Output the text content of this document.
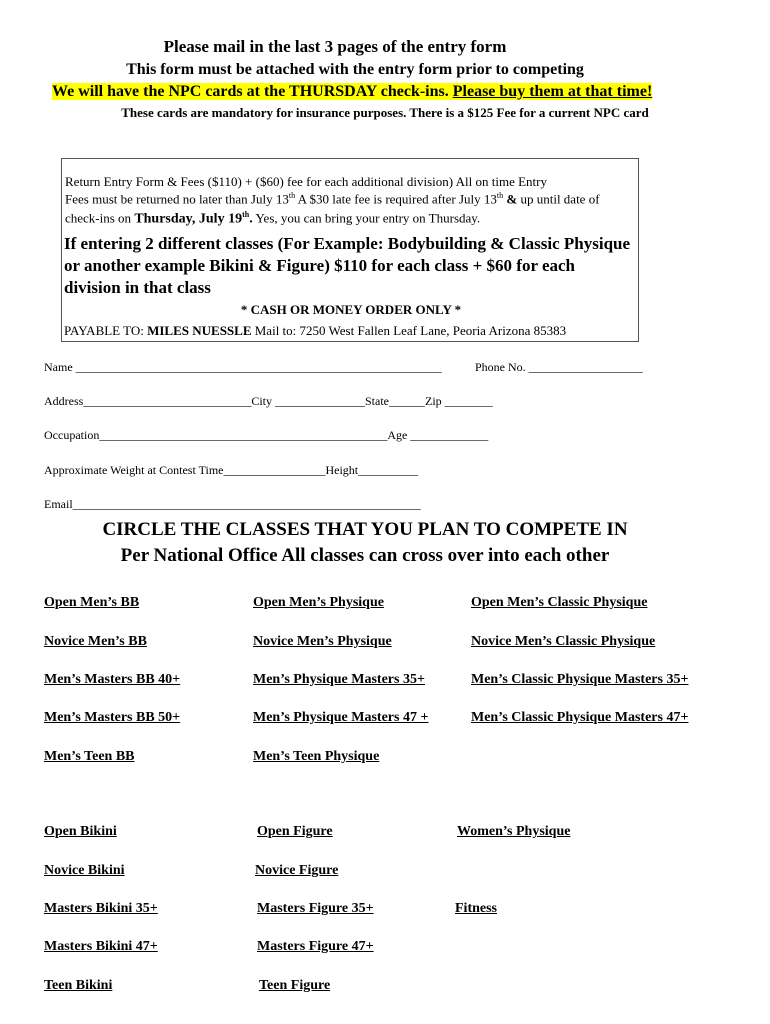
Please mail in the last 3 pages of the entry form
This form must be attached with the entry form prior to competing
We will have the NPC cards at the THURSDAY check-ins. Please buy them at that time!
These cards are mandatory for insurance purposes. There is a $125 Fee for a current NPC card
Return Entry Form & Fees ($110) + ($60) fee for each additional division) All on time Entry
Fees must be returned no later than July 13th A $30 late fee is required after July 13th & up until date of
check-ins on Thursday, July 19th. Yes, you can bring your entry on Thursday.
If entering 2 different classes (For Example: Bodybuilding & Classic Physique or another example Bikini & Figure) $110 for each class + $60 for each division in that class
* CASH OR MONEY ORDER ONLY *
PAYABLE TO: MILES NUESSLE Mail to: 7250 West Fallen Leaf Lane, Peoria Arizona 85383
Name _____________________________________________________________	Phone No. ___________________
Address____________________________City _______________State______Zip ________
Occupation________________________________________________Age _____________
Approximate Weight at Contest Time_________________Height__________
Email__________________________________________________________
CIRCLE THE CLASSES THAT YOU PLAN TO COMPETE IN
Per National Office All classes can cross over into each other
Open Men’s BB	Open Men’s Physique	Open Men’s Classic Physique
Novice Men’s BB	Novice Men’s Physique	Novice Men’s Classic Physique
Men’s Masters BB 40+	Men’s Physique Masters 35+	Men’s Classic Physique Masters 35+
Men’s Masters BB 50+	Men’s Physique Masters 47 +	Men’s Classic Physique Masters 47+
Men’s Teen BB	Men’s Teen Physique
Open Bikini	Open Figure	Women’s Physique
Novice Bikini	Novice Figure
Masters Bikini 35+	Masters Figure 35+	Fitness
Masters Bikini 47+	Masters Figure 47+
Teen Bikini	Teen Figure
